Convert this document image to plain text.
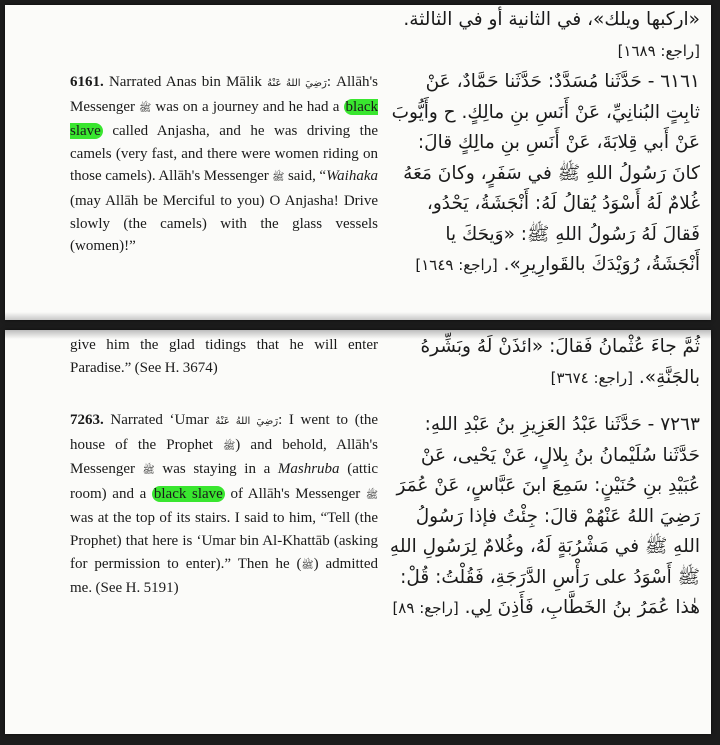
«اركبها ويلك»، في الثانية أو في الثالثة. [راجع: ١٦٨٩]
6161. Narrated Anas bin Mālik رَضِيَ اللهُ عَنْهُ: Allāh's Messenger ﷺ was on a journey and he had a black slave called Anjasha, and he was driving the camels (very fast, and there were women riding on those camels). Allāh's Messenger ﷺ said, “Waihaka (may Allāh be Merciful to you) O Anjasha! Drive slowly (the camels) with the glass vessels (women)!”
٦١٦١ - حَدَّثَنا مُسَدَّدٌ: حَدَّثَنا حَمَّادٌ، عَنْ ثابِتٍ البُنانِيِّ، عَنْ أَنَسِ بنِ مالِكٍ. ح وأَيُّوبَ عَنْ أَبي قِلابَةَ، عَنْ أَنَسِ بنِ مالِكٍ قالَ: كانَ رَسُولُ اللهِ ﷺ في سَفَرٍ، وكانَ مَعَهُ غُلامٌ لَهُ أَسْوَدُ يُقالُ لَهُ: أَنْجَشَةُ، يَحْدُو، فَقالَ لَهُ رَسُولُ اللهِ ﷺ: «وَيحَكَ يا أَنْجَشَةُ، رُوَيْدَكَ بالقَوارِيرِ». [راجع: ١٦٤٩]
give him the glad tidings that he will enter Paradise.” (See H. 3674)
ثُمَّ جاءَ عُثْمانُ فَقالَ: «ائذَنْ لَهُ وبَشِّرهُ بالجَنَّةِ». [راجع: ٣٦٧٤]
7263. Narrated ‘Umar رَضِيَ اللهُ عَنْهُ: I went to (the house of the Prophet ﷺ) and behold, Allāh's Messenger ﷺ was staying in a Mashruba (attic room) and a black slave of Allāh's Messenger ﷺ was at the top of its stairs. I said to him, “Tell (the Prophet) that here is ‘Umar bin Al-Khattāb (asking for permission to enter).” Then he (ﷺ) admitted me. (See H. 5191)
٧٢٦٣ - حَدَّثَنا عَبْدُ العَزِيزِ بنُ عَبْدِ اللهِ: حَدَّثَنا سُلَيْمانُ بنُ بِلالٍ، عَنْ يَحْيى، عَنْ عُبَيْدِ بنِ حُنَيْنٍ: سَمِعَ ابنَ عَبَّاسٍ، عَنْ عُمَرَ رَضِيَ اللهُ عَنْهُمْ قالَ: جِئْتُ فإذا رَسُولُ اللهِ ﷺ في مَشْرُبَةٍ لَهُ، وغُلامٌ لِرَسُولِ اللهِ ﷺ أَسْوَدُ على رَأْسِ الدَّرَجَةِ، فَقُلْتُ: قُلْ: هٰذا عُمَرُ بنُ الخَطَّابِ، فَأَذِنَ لِي. [راجع: ٨٩]
